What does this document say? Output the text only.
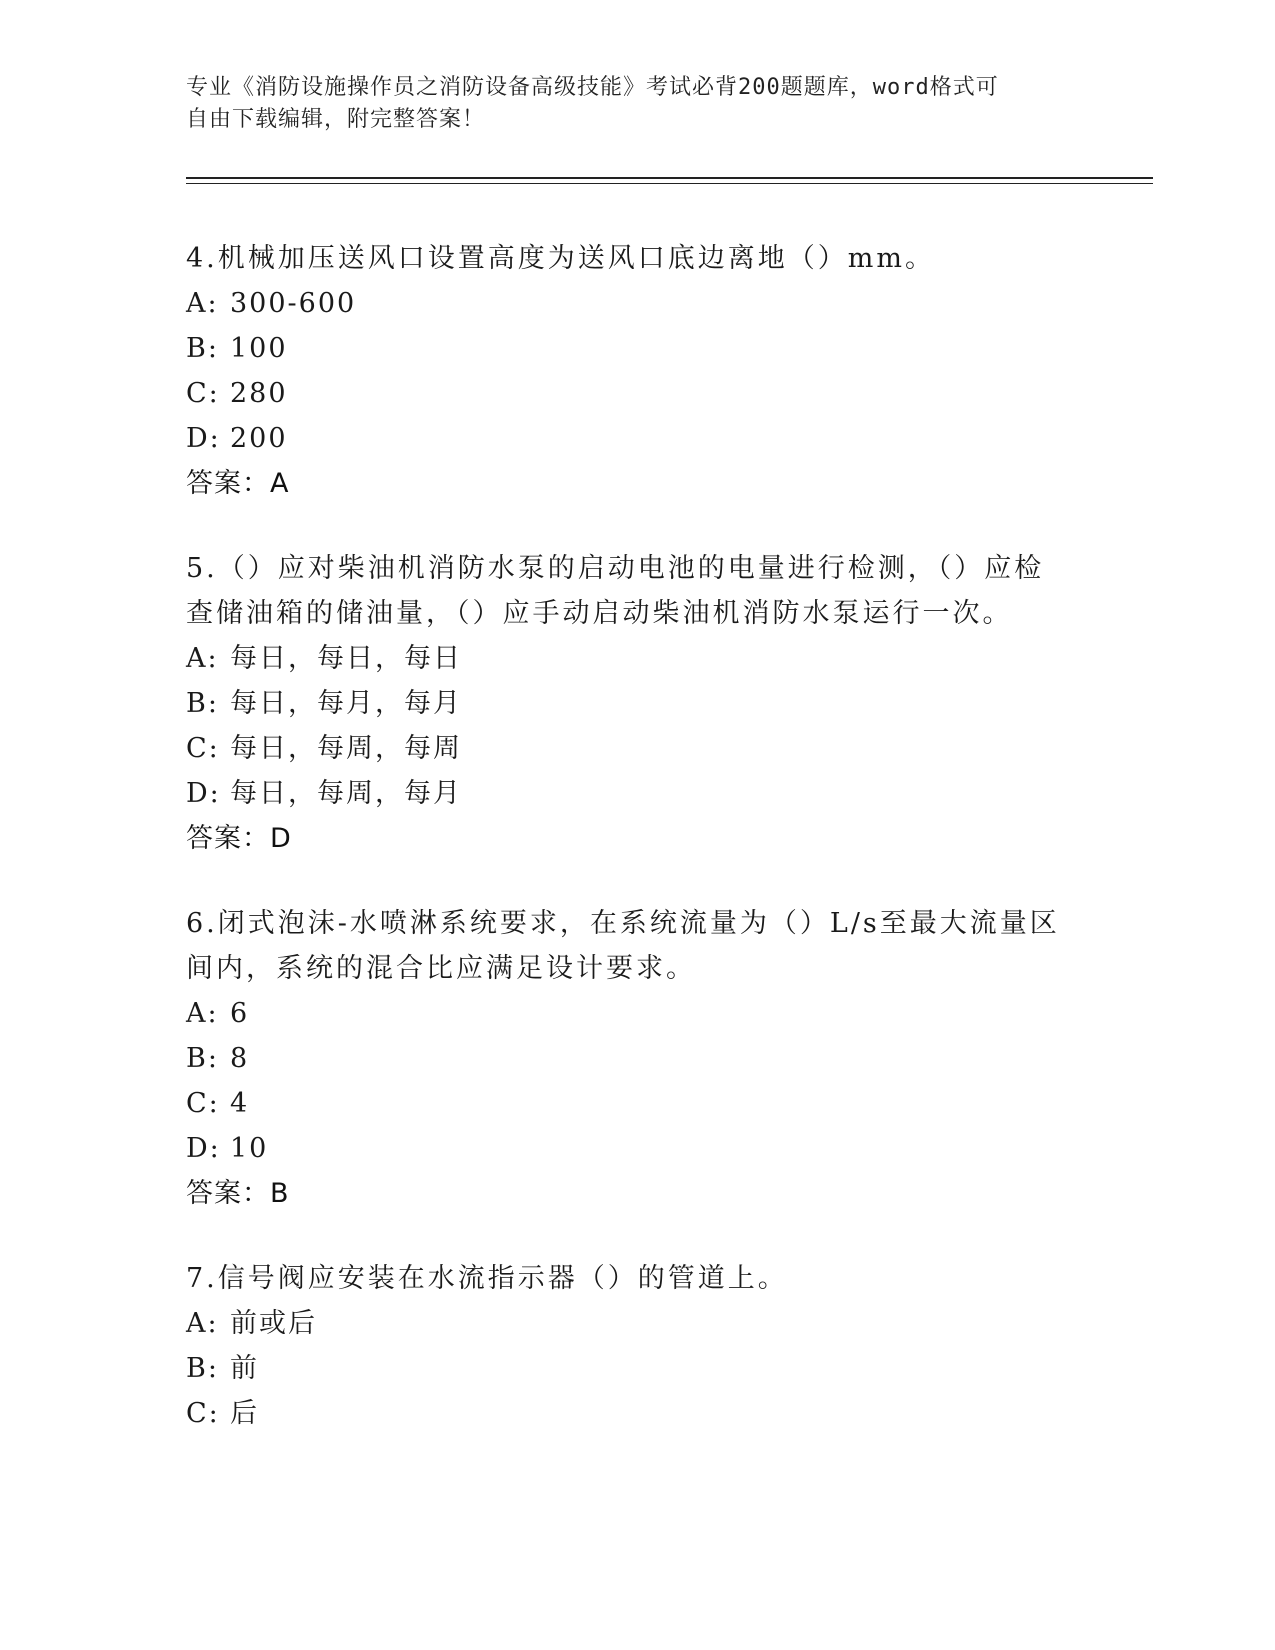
专业《消防设施操作员之消防设备高级技能》考试必背200题题库，word格式可
自由下载编辑，附完整答案！
4.机械加压送风口设置高度为送风口底边离地（）mm。
A: 300-600
B: 100
C: 280
D: 200
答案：A
5.（）应对柴油机消防水泵的启动电池的电量进行检测，（）应检查储油箱的储油量，（）应手动启动柴油机消防水泵运行一次。
A: 每日，每日，每日
B: 每日，每月，每月
C: 每日，每周，每周
D: 每日，每周，每月
答案：D
6.闭式泡沫-水喷淋系统要求，在系统流量为（）L/s至最大流量区间内，系统的混合比应满足设计要求。
A: 6
B: 8
C: 4
D: 10
答案：B
7.信号阀应安装在水流指示器（）的管道上。
A: 前或后
B: 前
C: 后
